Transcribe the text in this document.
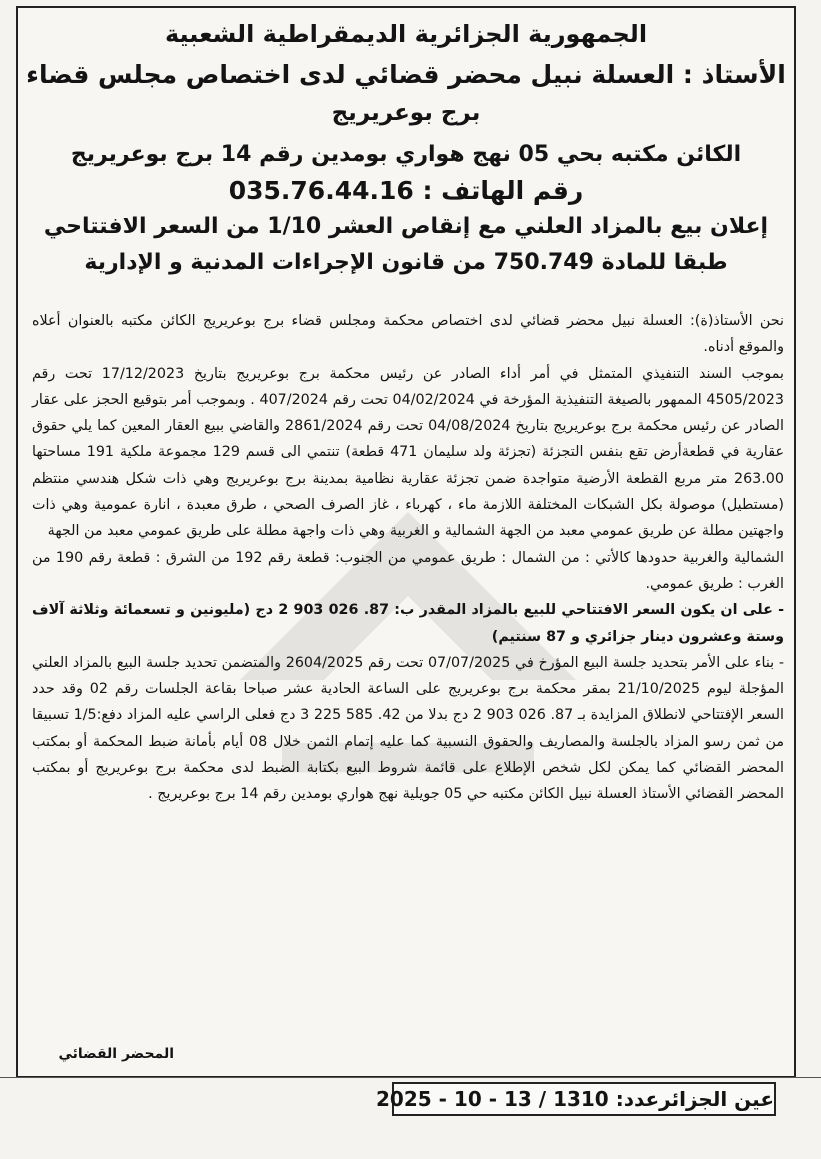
الجمهورية الجزائرية الديمقراطية الشعبية
الأستاذ : العسلة نبيل محضر قضائي لدى اختصاص مجلس قضاء
برج بوعريريج
الكائن مكتبه بحي 05 نهج هواري بومدين رقم 14 برج بوعريريج
رقم الهاتف : 035.76.44.16
إعلان بيع بالمزاد العلني مع إنقاص العشر 1/10 من السعر الافتتاحي
طبقا للمادة 750.749 من قانون الإجراءات المدنية و الإدارية

نحن الأستاذ(ة): العسلة نبيل محضر قضائي لدى اختصاص محكمة ومجلس قضاء برج بوعريريج الكائن مكتبه بالعنوان أعلاه والموقع أدناه.

بموجب السند التنفيذي المتمثل في أمر أداء الصادر عن رئيس محكمة برج بوعريريج بتاريخ 17/12/2023 تحت رقم 4505/2023 الممهور بالصيغة التنفيذية المؤرخة في 04/02/2024 تحت رقم 407/2024 . وبموجب أمر بتوقيع الحجز على عقار الصادر عن رئيس محكمة برج بوعريريج بتاريخ 04/08/2024 تحت رقم 2861/2024 والقاضي ببيع العقار المعين كما يلي حقوق عقارية في قطعةأرض تقع بنفس التجزئة (تجزئة ولد سليمان 471 قطعة) تنتمي الى قسم 129 مجموعة ملكية 191 مساحتها 263.00 متر مربع القطعة الأرضية متواجدة ضمن تجزئة عقارية نظامية بمدينة برج بوعريريج وهي ذات شكل هندسي منتظم (مستطيل) موصولة بكل الشبكات المختلفة اللازمة ماء ، كهرباء ، غاز الصرف الصحي ، طرق معبدة ، انارة عمومية وهي ذات واجهتين مطلة عن طريق عمومي معبد من الجهة الشمالية و الغربية وهي ذات واجهة مطلة على طريق عمومي معبد من الجهة

الشمالية والغربية حدودها كالأتي : من الشمال : طريق عمومي من الجنوب: قطعة رقم 192 من الشرق : قطعة رقم 190 من الغرب : طريق عمومي.

- على ان يكون السعر الافتتاحي للبيع بالمزاد المقدر ب: 87. 026 903 2 دج (مليونين و تسعمائة وثلاثة آلاف وستة وعشرون دينار جزائري و 87 سنتيم)

- بناء على الأمر بتحديد جلسة البيع المؤرخ في 07/07/2025 تحت رقم 2604/2025 والمتضمن تحديد جلسة البيع بالمزاد العلني المؤجلة ليوم 21/10/2025 بمقر محكمة برج بوعريريج على الساعة الحادية عشر صباحا بقاعة الجلسات رقم 02 وقد حدد السعر الإفتتاحي لانطلاق المزايدة بـ 87. 026 903 2 دج بدلا من 42. 585 225 3 دج فعلى الراسي عليه المزاد دفع:1/5 تسبيقا من ثمن رسو المزاد بالجلسة والمصاريف والحقوق النسبية كما عليه إتمام الثمن خلال 08 أيام بأمانة ضبط المحكمة أو بمكتب المحضر القضائي كما يمكن لكل شخص الإطلاع على قائمة شروط البيع بكتابة الضبط لدى محكمة برج بوعريريج أو بمكتب المحضر القضائي الأستاذ العسلة نبيل الكائن مكتبه حي 05 جويلية نهج هواري بومدين رقم 14 برج بوعريريج .

المحضر القضائي
عين الجزائرعدد: 1310 / 13 - 10 - 2025
